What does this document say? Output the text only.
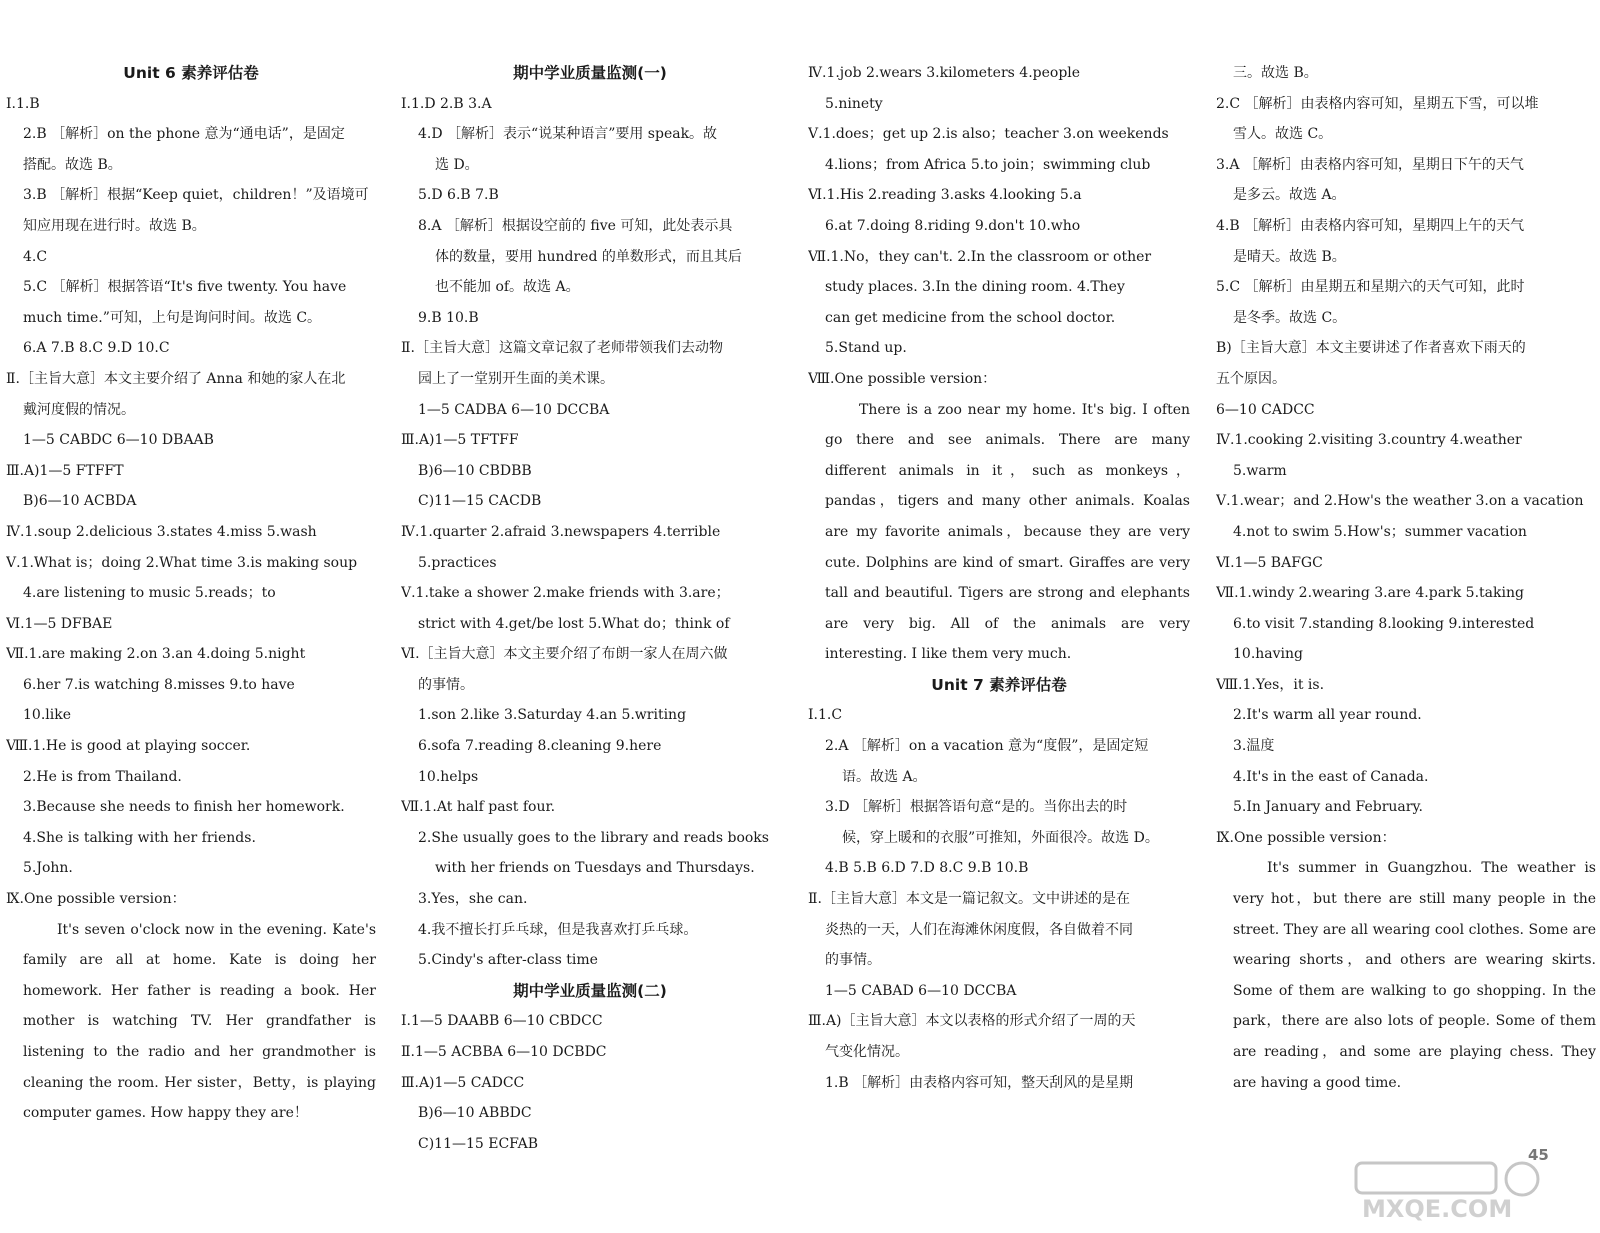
Unit 6 素养评估卷
Ⅰ.1.B
2.B ［解析］on the phone 意为“通电话”，是固定
搭配。故选 B。
3.B ［解析］根据“Keep quiet，children！”及语境可
知应用现在进行时。故选 B。
4.C
5.C ［解析］根据答语“It's five twenty. You have
much time.”可知，上句是询问时间。故选 C。
6.A 7.B 8.C 9.D 10.C
Ⅱ.［主旨大意］本文主要介绍了 Anna 和她的家人在北
戴河度假的情况。
1—5 CABDC 6—10 DBAAB
Ⅲ.A)1—5 FTFFT
B)6—10 ACBDA
Ⅳ.1.soup 2.delicious 3.states 4.miss 5.wash
Ⅴ.1.What is；doing 2.What time 3.is making soup
4.are listening to music 5.reads；to
Ⅵ.1—5 DFBAE
Ⅶ.1.are making 2.on 3.an 4.doing 5.night
6.her 7.is watching 8.misses 9.to have
10.like
Ⅷ.1.He is good at playing soccer.
2.He is from Thailand.
3.Because she needs to finish her homework.
4.She is talking with her friends.
5.John.
Ⅸ.One possible version：
It's seven o'clock now in the evening. Kate's family are all at home. Kate is doing her homework. Her father is reading a book. Her mother is watching TV. Her grandfather is listening to the radio and her grandmother is cleaning the room. Her sister，Betty，is playing computer games. How happy they are！
期中学业质量监测(一)
Ⅰ.1.D 2.B 3.A
4.D ［解析］表示“说某种语言”要用 speak。故
选 D。
5.D 6.B 7.B
8.A ［解析］根据设空前的 five 可知，此处表示具
体的数量，要用 hundred 的单数形式，而且其后
也不能加 of。故选 A。
9.B 10.B
Ⅱ.［主旨大意］这篇文章记叙了老师带领我们去动物
园上了一堂别开生面的美术课。
1—5 CADBA 6—10 DCCBA
Ⅲ.A)1—5 TFTFF
B)6—10 CBDBB
C)11—15 CACDB
Ⅳ.1.quarter 2.afraid 3.newspapers 4.terrible
5.practices
Ⅴ.1.take a shower 2.make friends with 3.are；
strict with 4.get/be lost 5.What do；think of
Ⅵ.［主旨大意］本文主要介绍了布朗一家人在周六做
的事情。
1.son 2.like 3.Saturday 4.an 5.writing
6.sofa 7.reading 8.cleaning 9.here
10.helps
Ⅶ.1.At half past four.
2.She usually goes to the library and reads books
with her friends on Tuesdays and Thursdays.
3.Yes，she can.
4.我不擅长打乒乓球，但是我喜欢打乒乓球。
5.Cindy's after-class time
期中学业质量监测(二)
Ⅰ.1—5 DAABB 6—10 CBDCC
Ⅱ.1—5 ACBBA 6—10 DCBDC
Ⅲ.A)1—5 CADCC
B)6—10 ABBDC
C)11—15 ECFAB
Ⅳ.1.job 2.wears 3.kilometers 4.people
5.ninety
Ⅴ.1.does；get up 2.is also；teacher 3.on weekends
4.lions；from Africa 5.to join；swimming club
Ⅵ.1.His 2.reading 3.asks 4.looking 5.a
6.at 7.doing 8.riding 9.don't 10.who
Ⅶ.1.No，they can't. 2.In the classroom or other
study places. 3.In the dining room. 4.They
can get medicine from the school doctor.
5.Stand up.
Ⅷ.One possible version：
There is a zoo near my home. It's big. I often go there and see animals. There are many different animals in it，such as monkeys，pandas，tigers and many other animals. Koalas are my favorite animals，because they are very cute. Dolphins are kind of smart. Giraffes are very tall and beautiful. Tigers are strong and elephants are very big. All of the animals are very interesting. I like them very much.
Unit 7 素养评估卷
Ⅰ.1.C
2.A ［解析］on a vacation 意为“度假”，是固定短
语。故选 A。
3.D ［解析］根据答语句意“是的。当你出去的时
候，穿上暖和的衣服”可推知，外面很冷。故选 D。
4.B 5.B 6.D 7.D 8.C 9.B 10.B
Ⅱ.［主旨大意］本文是一篇记叙文。文中讲述的是在
炎热的一天，人们在海滩休闲度假，各自做着不同
的事情。
1—5 CABAD 6—10 DCCBA
Ⅲ.A)［主旨大意］本文以表格的形式介绍了一周的天
气变化情况。
1.B ［解析］由表格内容可知，整天刮风的是星期
三。故选 B。
2.C ［解析］由表格内容可知，星期五下雪，可以堆
雪人。故选 C。
3.A ［解析］由表格内容可知，星期日下午的天气
是多云。故选 A。
4.B ［解析］由表格内容可知，星期四上午的天气
是晴天。故选 B。
5.C ［解析］由星期五和星期六的天气可知，此时
是冬季。故选 C。
B)［主旨大意］本文主要讲述了作者喜欢下雨天的
五个原因。
6—10 CADCC
Ⅳ.1.cooking 2.visiting 3.country 4.weather
5.warm
Ⅴ.1.wear；and 2.How's the weather 3.on a vacation
4.not to swim 5.How's；summer vacation
Ⅵ.1—5 BAFGC
Ⅶ.1.windy 2.wearing 3.are 4.park 5.taking
6.to visit 7.standing 8.looking 9.interested
10.having
Ⅷ.1.Yes，it is.
2.It's warm all year round.
3.温度
4.It's in the east of Canada.
5.In January and February.
Ⅸ.One possible version：
It's summer in Guangzhou. The weather is very hot，but there are still many people in the street. They are all wearing cool clothes. Some are wearing shorts，and others are wearing skirts. Some of them are walking to go shopping. In the park，there are also lots of people. Some of them are reading，and some are playing chess. They are having a good time.
45
MXQE.COM
